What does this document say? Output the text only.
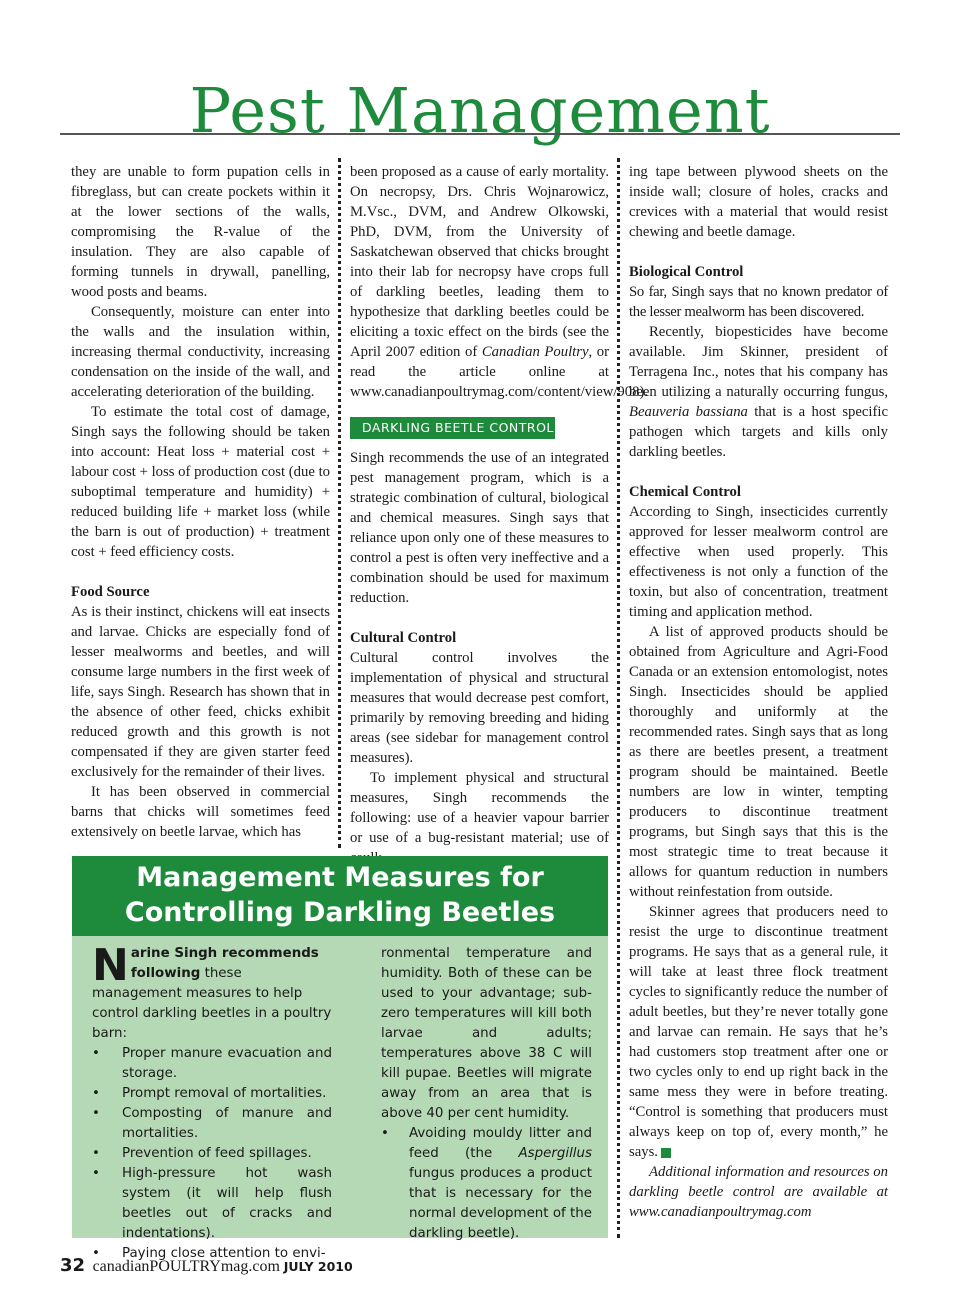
Pest Management

they are unable to form pupation cells in fibreglass, but can create pockets within it at the lower sections of the walls, compromising the R-value of the insulation. They are also capable of forming tunnels in drywall, panelling, wood posts and beams.

Consequently, moisture can enter into the walls and the insulation within, increasing thermal conductivity, increasing condensation on the inside of the wall, and accelerating deterioration of the building.

To estimate the total cost of damage, Singh says the following should be taken into account: Heat loss + material cost + labour cost + loss of production cost (due to suboptimal temperature and humidity) + reduced building life + market loss (while the barn is out of production) + treatment cost + feed efficiency costs.

Food Source

As is their instinct, chickens will eat insects and larvae. Chicks are especially fond of lesser mealworms and beetles, and will consume large numbers in the first week of life, says Singh. Research has shown that in the absence of other feed, chicks exhibit reduced growth and this growth is not compensated if they are given starter feed exclusively for the remainder of their lives.

It has been observed in commercial barns that chicks will sometimes feed extensively on beetle larvae, which has

been proposed as a cause of early mortality. On necropsy, Drs. Chris Wojnarowicz, M.Vsc., DVM, and Andrew Olkowski, PhD, DVM, from the University of Saskatchewan observed that chicks brought into their lab for necropsy have crops full of darkling beetles, leading them to hypothesize that darkling beetles could be eliciting a toxic effect on the birds (see the April 2007 edition of Canadian Poultry, or read the article online at www.canadianpoultrymag.com/content/view/908).

DARKLING BEETLE CONTROL

Singh recommends the use of an integrated pest management program, which is a strategic combination of cultural, biological and chemical measures. Singh says that reliance upon only one of these measures to control a pest is often very ineffective and a combination should be used for maximum reduction.

Cultural Control

Cultural control involves the implementation of physical and structural measures that would decrease pest comfort, primarily by removing breeding and hiding areas (see sidebar for management control measures).

To implement physical and structural measures, Singh recommends the following: use of a heavier vapour barrier or use of a bug-resistant material; use of

ing tape between plywood sheets on the inside wall; closure of holes, cracks and crevices with a material that would resist chewing and beetle damage.

Biological Control

So far, Singh says that no known predator of the lesser mealworm has been discovered.

Recently, biopesticides have become available. Jim Skinner, president of Terragena Inc., notes that his company has been utilizing a naturally occurring fungus, Beauveria bassiana that is a host specific pathogen which targets and kills only darkling beetles.

Chemical Control

According to Singh, insecticides currently approved for lesser mealworm control are effective when used properly. This effectiveness is not only a function of the toxin, but also of concentration, treatment timing and application method.

A list of approved products should be obtained from Agriculture and Agri-Food Canada or an extension entomologist, notes Singh. Insecticides should be applied thoroughly and uniformly at the recommended rates. Singh says that as long as there are beetles present, a treatment program should be maintained. Beetle numbers are low in winter, tempting producers to discontinue treatment programs, but Singh says that this is the most strategic time to treat because it allows for quantum reduction in numbers without reinfestation from outside.

Skinner agrees that producers need to resist the urge to discontinue treatment programs. He says that as a general rule, it will take at least three flock treatment cycles to significantly reduce the number of adult beetles, but they’re never totally gone and larvae can remain. He says that he’s had customers stop treatment after one or two cycles only to end up right back in the same mess they were in before treating. “Control is something that producers must always keep on top of, every month,” he says.

Additional information and resources on darkling beetle control are available at www.canadianpoultrymag.com

Management Measures for
Controlling Darkling Beetles

Narine Singh recommends following these management measures to help control darkling beetles in a poultry barn:

• Proper manure evacuation and storage.
• Prompt removal of mortalities.
• Composting of manure and mortalities.
• Prevention of feed spillages.
• High-pressure hot wash system (it will help flush beetles out of cracks and indentations).
• Paying close attention to envi-

ronmental temperature and humidity. Both of these can be used to your advantage; sub-zero temperatures will kill both larvae and adults; temperatures above 38 C will kill pupae. Beetles will migrate away from an area that is above 40 per cent humidity.

• Avoiding mouldy litter and feed (the Aspergillus fungus produces a product that is necessary for the normal development of the darkling beetle).
32 canadianPOULTRYmag.com JULY 2010
